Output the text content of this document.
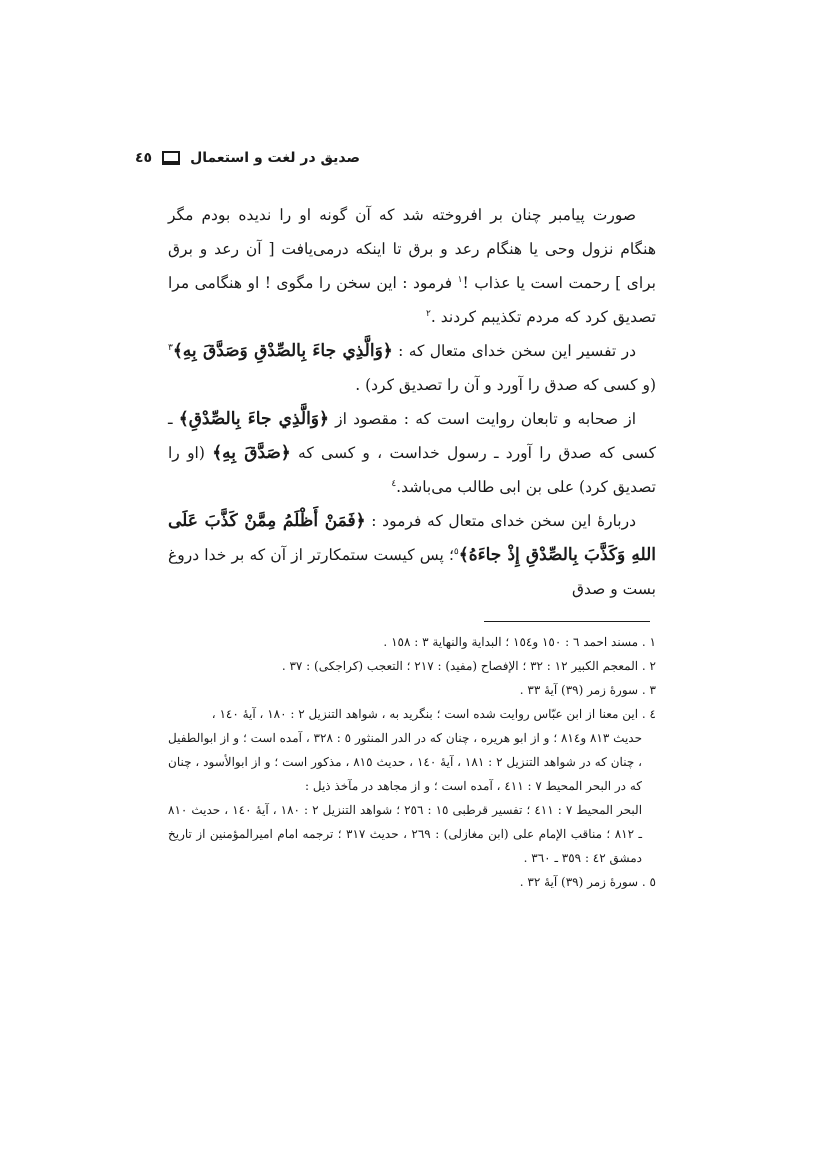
صديق در لغت و استعمال
٤٥

صورت پیامبر چنان بر افروخته شد که آن گونه او را ندیده بودم مگر هنگام نزول وحی یا هنگام رعد و برق تا اینکه درمی‌یافت [ آن رعد و برق برای ] رحمت است یا عذاب !$^١$ فرمود : این سخن را مگوی ! او هنگامی مرا تصدیق کرد که مردم تکذیبم کردند .$^٢$

در تفسیر این سخن خدای متعال که : ﴿وَالَّذِي جاءَ بِالصِّدْقِ وَصَدَّقَ بِهِ﴾$^٣$ (و کسی که صدق را آورد و آن را تصدیق کرد) .

از صحابه و تابعان روایت است که : مقصود از ﴿وَالَّذِي جاءَ بِالصِّدْقِ﴾ ـ کسی که صدق را آورد ـ رسول خداست ، و کسی که ﴿صَدَّقَ بِهِ﴾ (او را تصدیق کرد) علی بن ابی طالب می‌باشد.$^٤$

دربارهٔ این سخن خدای متعال که فرمود : ﴿فَمَنْ أَظْلَمُ مِمَّنْ كَذَّبَ عَلَى اللهِ وَكَذَّبَ بِالصِّدْقِ إِذْ جاءَهُ﴾$^٥$؛ پس کیست ستمکارتر از آن که بر خدا دروغ بست و صدق

١ . مسند احمد ٦ : ١٥٠ و١٥٤ ؛ البداية والنهاية ٣ : ١٥٨ .

٢ . المعجم الكبير ١٢ : ٣٢ ؛ الإفصاح (مفيد) : ٢١٧ ؛ التعجب (کراجکی) : ٣٧ .

٣ . سورهٔ زمر (٣٩) آیهٔ ٣٣ .

٤ . این معنا از ابن عبّاس روایت شده است ؛ بنگرید به ، شواهد التنزيل ٢ : ١٨٠ ، آیهٔ ١٤٠ ،

حدیث ٨١٣ و٨١٤ ؛ و از ابو هریره ، چنان که در الدر المنثور ٥ : ٣٢٨ ، آمده است ؛ و از ابوالطفیل ، چنان که در شواهد التنزيل ٢ : ١٨١ ، آیهٔ ١٤٠ ، حدیث ٨١٥ ، مذکور است ؛ و از ابوالأسود ، چنان که در البحر المحيط ٧ : ٤١١ ، آمده است ؛ و از مجاهد در مآخذ ذیل :

البحر المحيط ٧ : ٤١١ ؛ تفسیر قرطبی ١٥ : ٢٥٦ ؛ شواهد التنزيل ٢ : ١٨٠ ، آیهٔ ١٤٠ ، حدیث ٨١٠ ـ ٨١٢ ؛ مناقب الإمام علی (ابن مغازلی) : ٢٦٩ ، حدیث ٣١٧ ؛ ترجمه امام امیرالمؤمنین از تاریخ دمشق ٤٢ : ٣٥٩ ـ ٣٦٠ .

٥ . سورهٔ زمر (٣٩) آیهٔ ٣٢ .
